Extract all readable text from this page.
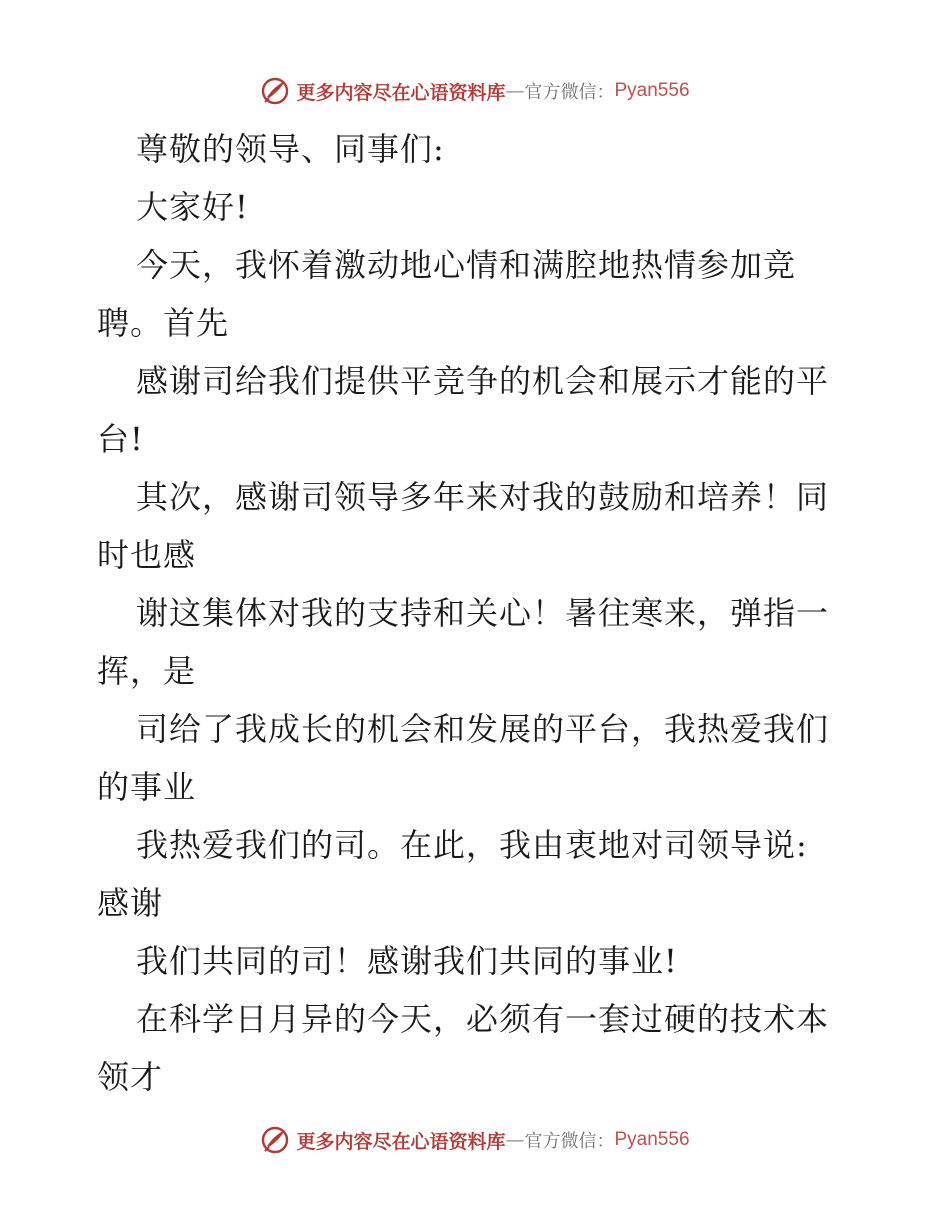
更多内容尽在心语资料库 — 官方微信： Pyan556
尊敬的领导、同事们:
大家好!
今天，我怀着激动地心情和满腔地热情参加竞
聘。首先
感谢司给我们提供平竞争的机会和展示才能的平
台!
其次，感谢司领导多年来对我的鼓励和培养！同
时也感
谢这集体对我的支持和关心！暑往寒来，弹指一
挥，是
司给了我成长的机会和发展的平台，我热爱我们
的事业
我热爱我们的司。在此，我由衷地对司领导说:
感谢
我们共同的司！感谢我们共同的事业!
在科学日月异的今天，必须有一套过硬的技术本
领才
更多内容尽在心语资料库 — 官方微信： Pyan556
